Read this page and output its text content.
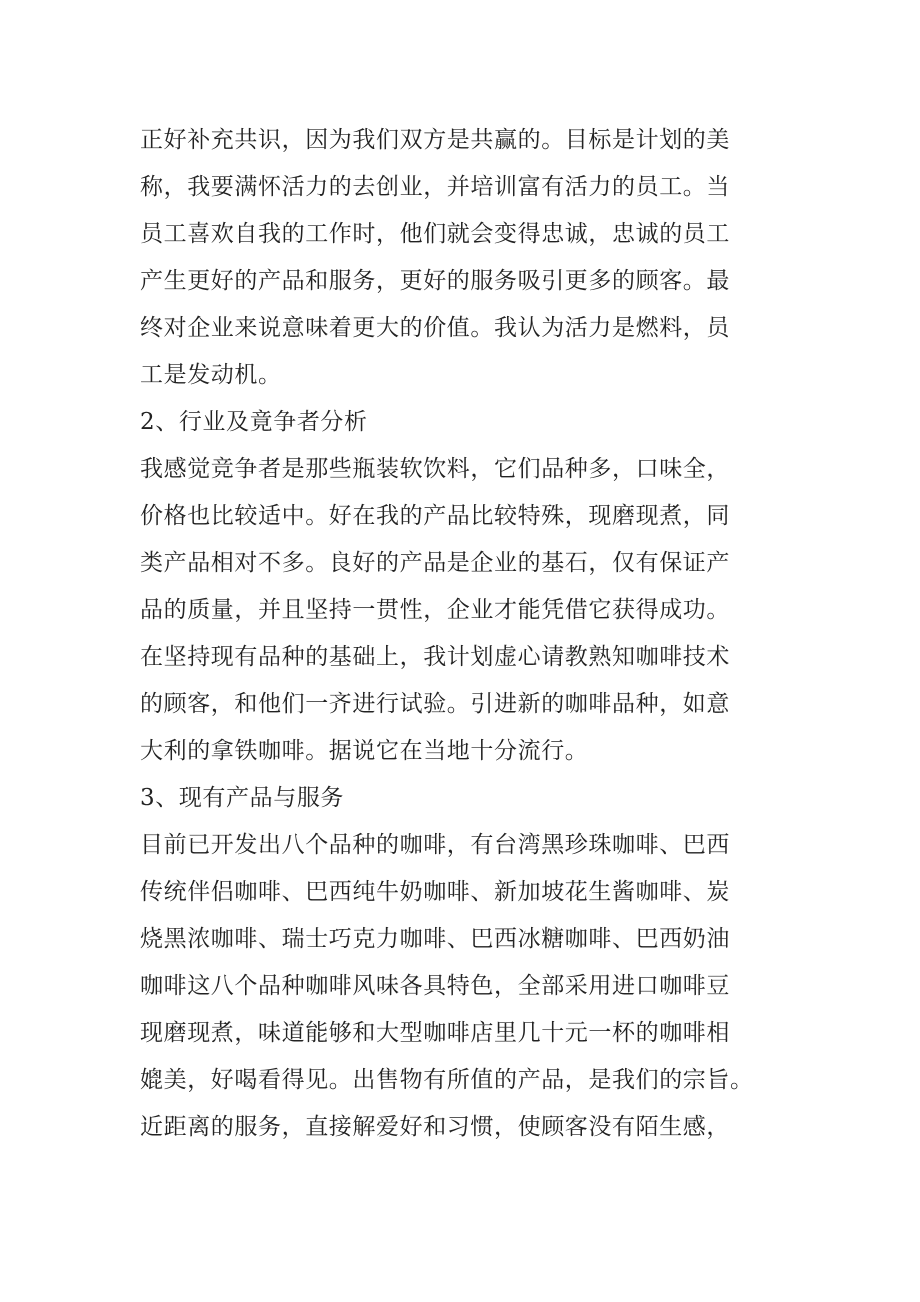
正好补充共识，因为我们双方是共赢的。目标是计划的美
称，我要满怀活力的去创业，并培训富有活力的员工。当
员工喜欢自我的工作时，他们就会变得忠诚，忠诚的员工
产生更好的产品和服务，更好的服务吸引更多的顾客。最
终对企业来说意味着更大的价值。我认为活力是燃料，员
工是发动机。
2、行业及竟争者分析
我感觉竞争者是那些瓶装软饮料，它们品种多，口味全，
价格也比较适中。好在我的产品比较特殊，现磨现煮，同
类产品相对不多。良好的产品是企业的基石，仅有保证产
品的质量，并且坚持一贯性，企业才能凭借它获得成功。
在坚持现有品种的基础上，我计划虚心请教熟知咖啡技术
的顾客，和他们一齐进行试验。引进新的咖啡品种，如意
大利的拿铁咖啡。据说它在当地十分流行。
3、现有产品与服务
目前已开发出八个品种的咖啡，有台湾黑珍珠咖啡、巴西
传统伴侣咖啡、巴西纯牛奶咖啡、新加坡花生酱咖啡、炭
烧黑浓咖啡、瑞士巧克力咖啡、巴西冰糖咖啡、巴西奶油
咖啡这八个品种咖啡风味各具特色，全部采用进口咖啡豆
现磨现煮，味道能够和大型咖啡店里几十元一杯的咖啡相
媲美，好喝看得见。出售物有所值的产品，是我们的宗旨。
近距离的服务，直接解爱好和习惯，使顾客没有陌生感，
